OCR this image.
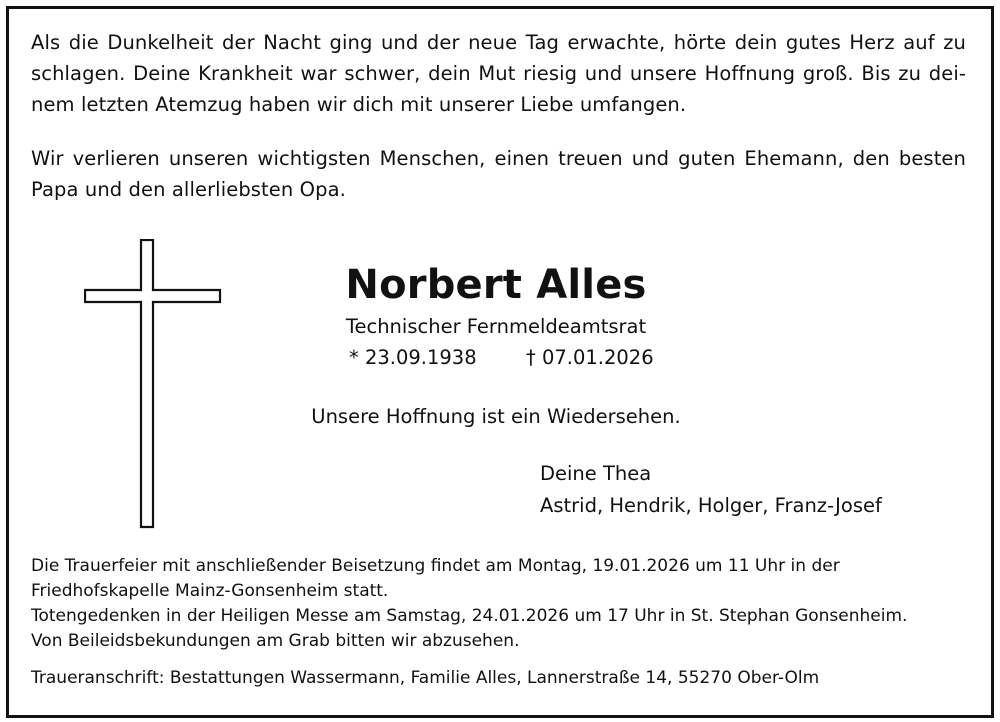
Als die Dunkelheit der Nacht ging und der neue Tag erwachte, hörte dein gutes Herz auf zu
schlagen. Deine Krankheit war schwer, dein Mut riesig und unsere Hoffnung groß. Bis zu dei-
nem letzten Atemzug haben wir dich mit unserer Liebe umfangen.
Wir verlieren unseren wichtigsten Menschen, einen treuen und guten Ehemann, den besten
Papa und den allerliebsten Opa.
Norbert Alles
Technischer Fernmeldeamtsrat
* 23.09.1938	† 07.01.2026
Unsere Hoffnung ist ein Wiedersehen.
Deine Thea
Astrid, Hendrik, Holger, Franz-Josef
Die Trauerfeier mit anschließender Beisetzung findet am Montag, 19.01.2026 um 11 Uhr in der
Friedhofskapelle Mainz-Gonsenheim statt.
Totengedenken in der Heiligen Messe am Samstag, 24.01.2026 um 17 Uhr in St. Stephan Gonsenheim.
Von Beileidsbekundungen am Grab bitten wir abzusehen.
Traueranschrift: Bestattungen Wassermann, Familie Alles, Lannerstraße 14, 55270 Ober-Olm
